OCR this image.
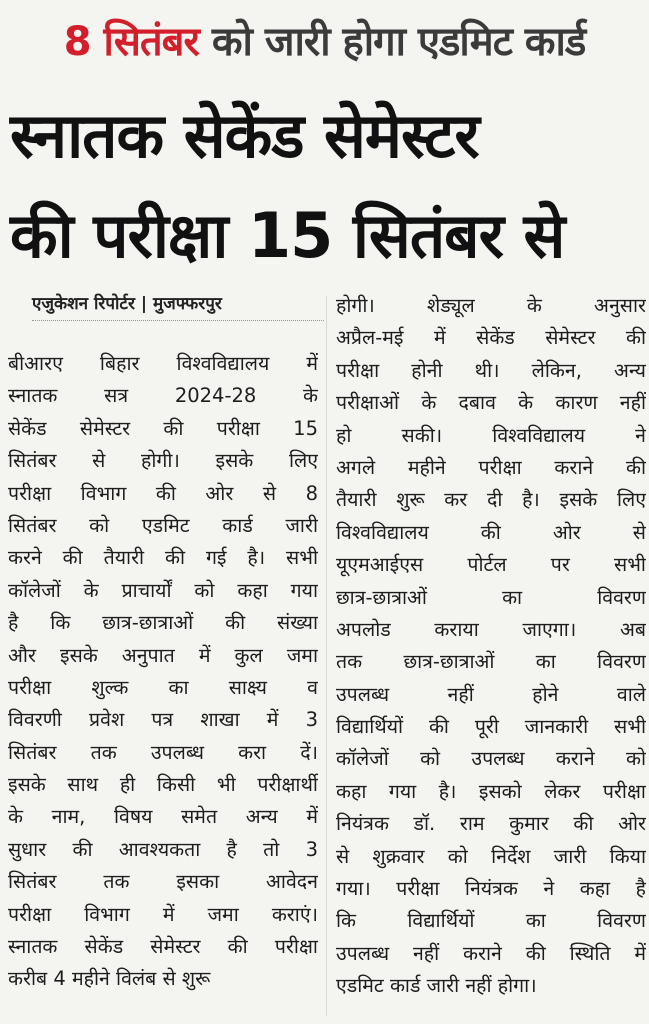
8 सितंबर को जारी होगा एडमिट कार्ड
स्नातक सेकेंड सेमेस्टर
की परीक्षा 15 सितंबर से
एजुकेशन रिपोर्टर | मुजफ्फरपुर
बीआरए बिहार विश्वविद्यालय में
स्नातक सत्र 2024-28 के
सेकेंड सेमेस्टर की परीक्षा 15
सितंबर से होगी। इसके लिए
परीक्षा विभाग की ओर से 8
सितंबर को एडमिट कार्ड जारी
करने की तैयारी की गई है। सभी
कॉलेजों के प्राचार्यों को कहा गया
है कि छात्र-छात्राओं की संख्या
और इसके अनुपात में कुल जमा
परीक्षा शुल्क का साक्ष्य व
विवरणी प्रवेश पत्र शाखा में 3
सितंबर तक उपलब्ध करा दें।
इसके साथ ही किसी भी परीक्षार्थी
के नाम, विषय समेत अन्य में
सुधार की आवश्यकता है तो 3
सितंबर तक इसका आवेदन
परीक्षा विभाग में जमा कराएं।
स्नातक सेकेंड सेमेस्टर की परीक्षा
करीब 4 महीने विलंब से शुरू
होगी। शेड्यूल के अनुसार
अप्रैल-मई में सेकेंड सेमेस्टर की
परीक्षा होनी थी। लेकिन, अन्य
परीक्षाओं के दबाव के कारण नहीं
हो सकी। विश्वविद्यालय ने
अगले महीने परीक्षा कराने की
तैयारी शुरू कर दी है। इसके लिए
विश्वविद्यालय की ओर से
यूएमआईएस पोर्टल पर सभी
छात्र-छात्राओं का विवरण
अपलोड कराया जाएगा। अब
तक छात्र-छात्राओं का विवरण
उपलब्ध नहीं होने वाले
विद्यार्थियों की पूरी जानकारी सभी
कॉलेजों को उपलब्ध कराने को
कहा गया है। इसको लेकर परीक्षा
नियंत्रक डॉ. राम कुमार की ओर
से शुक्रवार को निर्देश जारी किया
गया। परीक्षा नियंत्रक ने कहा है
कि विद्यार्थियों का विवरण
उपलब्ध नहीं कराने की स्थिति में
एडमिट कार्ड जारी नहीं होगा।
